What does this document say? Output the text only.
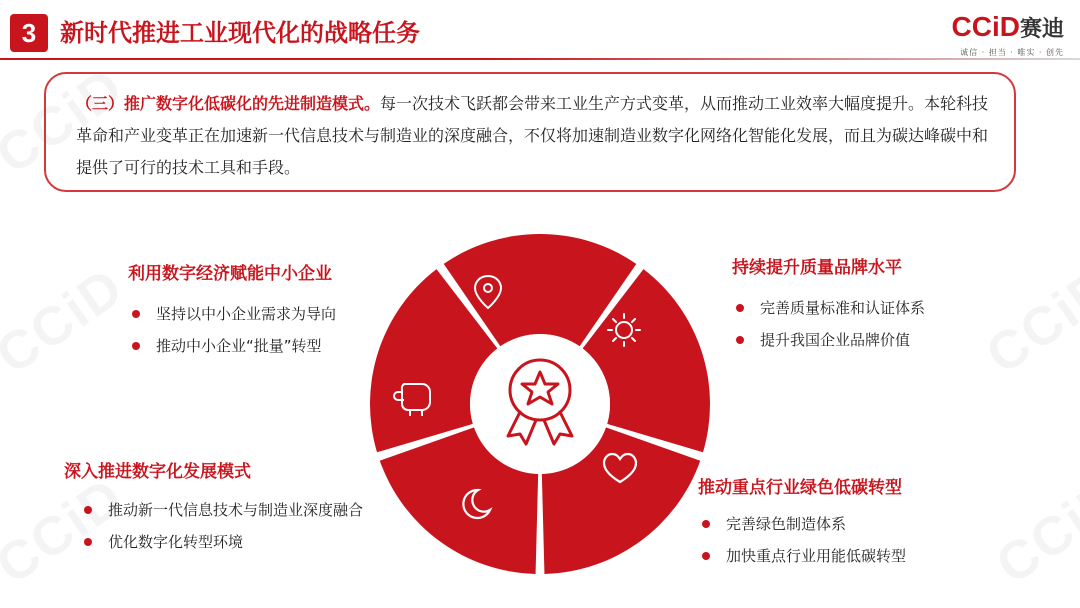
3 新时代推进工业现代化的战略任务	CCiD赛迪
诚信 · 担当 · 唯实 · 创先
（三）推广数字化低碳化的先进制造模式。每一次技术飞跃都会带来工业生产方式变革，从而推动工业效率大幅度提升。本轮科技革命和产业变革正在加速新一代信息技术与制造业的深度融合，不仅将加速制造业数字化网络化智能化发展，而且为碳达峰碳中和提供了可行的技术工具和手段。
利用数字经济赋能中小企业
坚持以中小企业需求为导向
推动中小企业“批量”转型
持续提升质量品牌水平
完善质量标准和认证体系
提升我国企业品牌价值
深入推进数字化发展模式
推动新一代信息技术与制造业深度融合
优化数字化转型环境
推动重点行业绿色低碳转型
完善绿色制造体系
加快重点行业用能低碳转型
